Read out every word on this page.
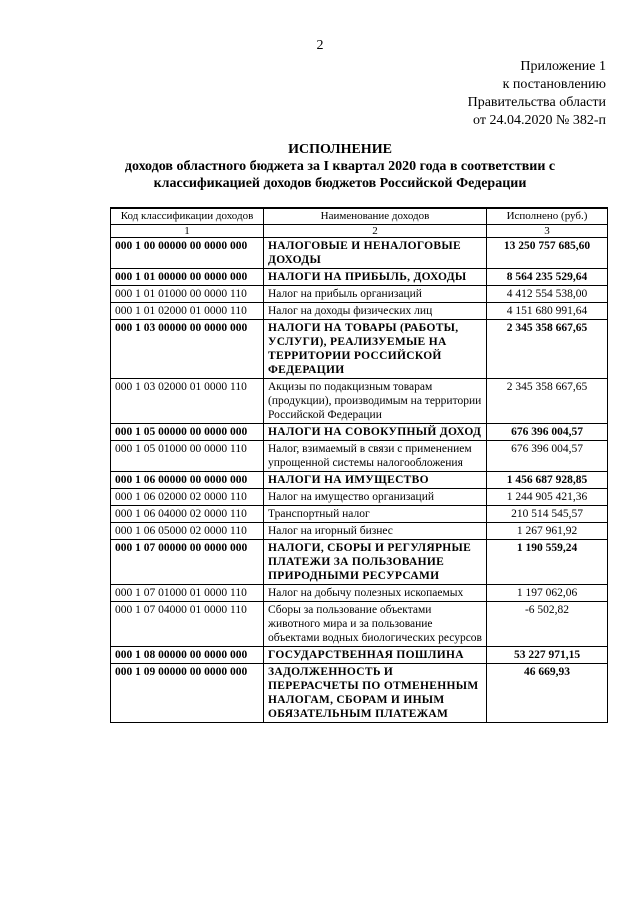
2
Приложение 1
к постановлению
Правительства области
от 24.04.2020 № 382-п
ИСПОЛНЕНИЕ
доходов областного бюджета за I квартал 2020 года в соответствии с
классификацией доходов бюджетов Российской Федерации
Код классификации доходов	Наименование доходов	Исполнено (руб.)
1	2	3
000 1 00 00000 00 0000 000	НАЛОГОВЫЕ И НЕНАЛОГОВЫЕ ДОХОДЫ	13 250 757 685,60
000 1 01 00000 00 0000 000	НАЛОГИ НА ПРИБЫЛЬ, ДОХОДЫ	8 564 235 529,64
000 1 01 01000 00 0000 110	Налог на прибыль организаций	4 412 554 538,00
000 1 01 02000 01 0000 110	Налог на доходы физических лиц	4 151 680 991,64
000 1 03 00000 00 0000 000	НАЛОГИ НА ТОВАРЫ (РАБОТЫ, УСЛУГИ), РЕАЛИЗУЕМЫЕ НА ТЕРРИТОРИИ РОССИЙСКОЙ ФЕДЕРАЦИИ	2 345 358 667,65
000 1 03 02000 01 0000 110	Акцизы по подакцизным товарам (продукции), производимым на территории Российской Федерации	2 345 358 667,65
000 1 05 00000 00 0000 000	НАЛОГИ НА СОВОКУПНЫЙ ДОХОД	676 396 004,57
000 1 05 01000 00 0000 110	Налог, взимаемый в связи с применением упрощенной системы налогообложения	676 396 004,57
000 1 06 00000 00 0000 000	НАЛОГИ НА ИМУЩЕСТВО	1 456 687 928,85
000 1 06 02000 02 0000 110	Налог на имущество организаций	1 244 905 421,36
000 1 06 04000 02 0000 110	Транспортный налог	210 514 545,57
000 1 06 05000 02 0000 110	Налог на игорный бизнес	1 267 961,92
000 1 07 00000 00 0000 000	НАЛОГИ, СБОРЫ И РЕГУЛЯРНЫЕ ПЛАТЕЖИ ЗА ПОЛЬЗОВАНИЕ ПРИРОДНЫМИ РЕСУРСАМИ	1 190 559,24
000 1 07 01000 01 0000 110	Налог на добычу полезных ископаемых	1 197 062,06
000 1 07 04000 01 0000 110	Сборы за пользование объектами животного мира и за пользование объектами водных биологических ресурсов	-6 502,82
000 1 08 00000 00 0000 000	ГОСУДАРСТВЕННАЯ ПОШЛИНА	53 227 971,15
000 1 09 00000 00 0000 000	ЗАДОЛЖЕННОСТЬ И ПЕРЕРАСЧЕТЫ ПО ОТМЕНЕННЫМ НАЛОГАМ, СБОРАМ И ИНЫМ ОБЯЗАТЕЛЬНЫМ ПЛАТЕЖАМ	46 669,93
